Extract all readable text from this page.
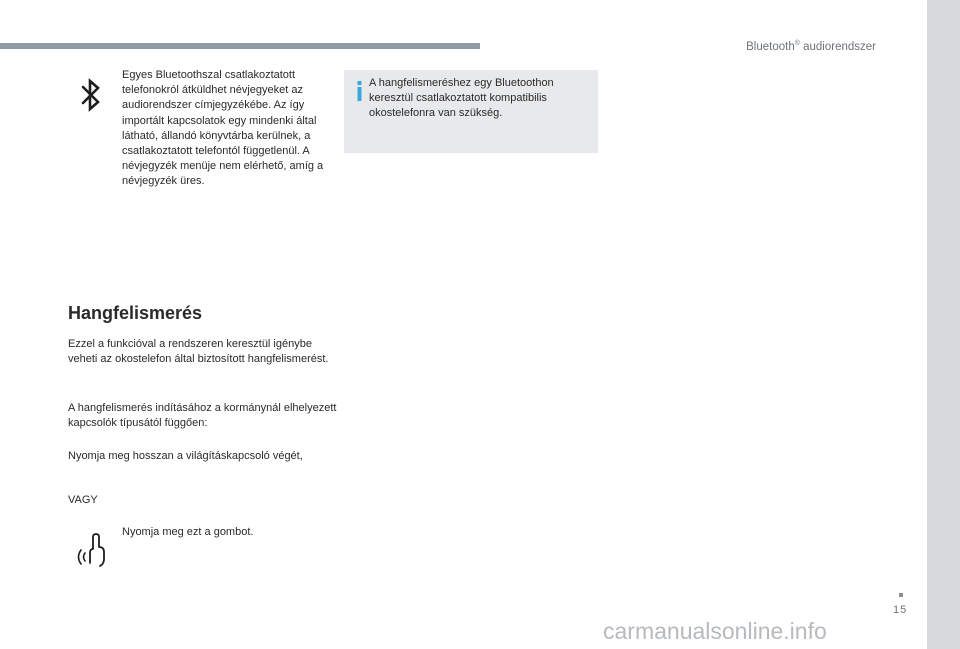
Bluetooth® audiorendszer
Egyes Bluetoothszal csatlakoztatott telefonokról átküldhet névjegyeket az audiorendszer címjegyzékébe. Az így importált kapcsolatok egy mindenki által látható, állandó könyvtárba kerülnek, a csatlakoztatott telefontól függetlenül. A névjegyzék menüje nem elérhető, amíg a névjegyzék üres.
A hangfelismeréshez egy Bluetoothon keresztül csatlakoztatott kompatibilis okostelefonra van szükség.
Hangfelismerés

Ezzel a funkcióval a rendszeren keresztül igénybe veheti az okostelefon által biztosított hangfelismerést.

A hangfelismerés indításához a kormánynál elhelyezett kapcsolók típusától függően:

Nyomja meg hosszan a világításkapcsoló végét,

VAGY

Nyomja meg ezt a gombot.
15
carmanualsonline.info
